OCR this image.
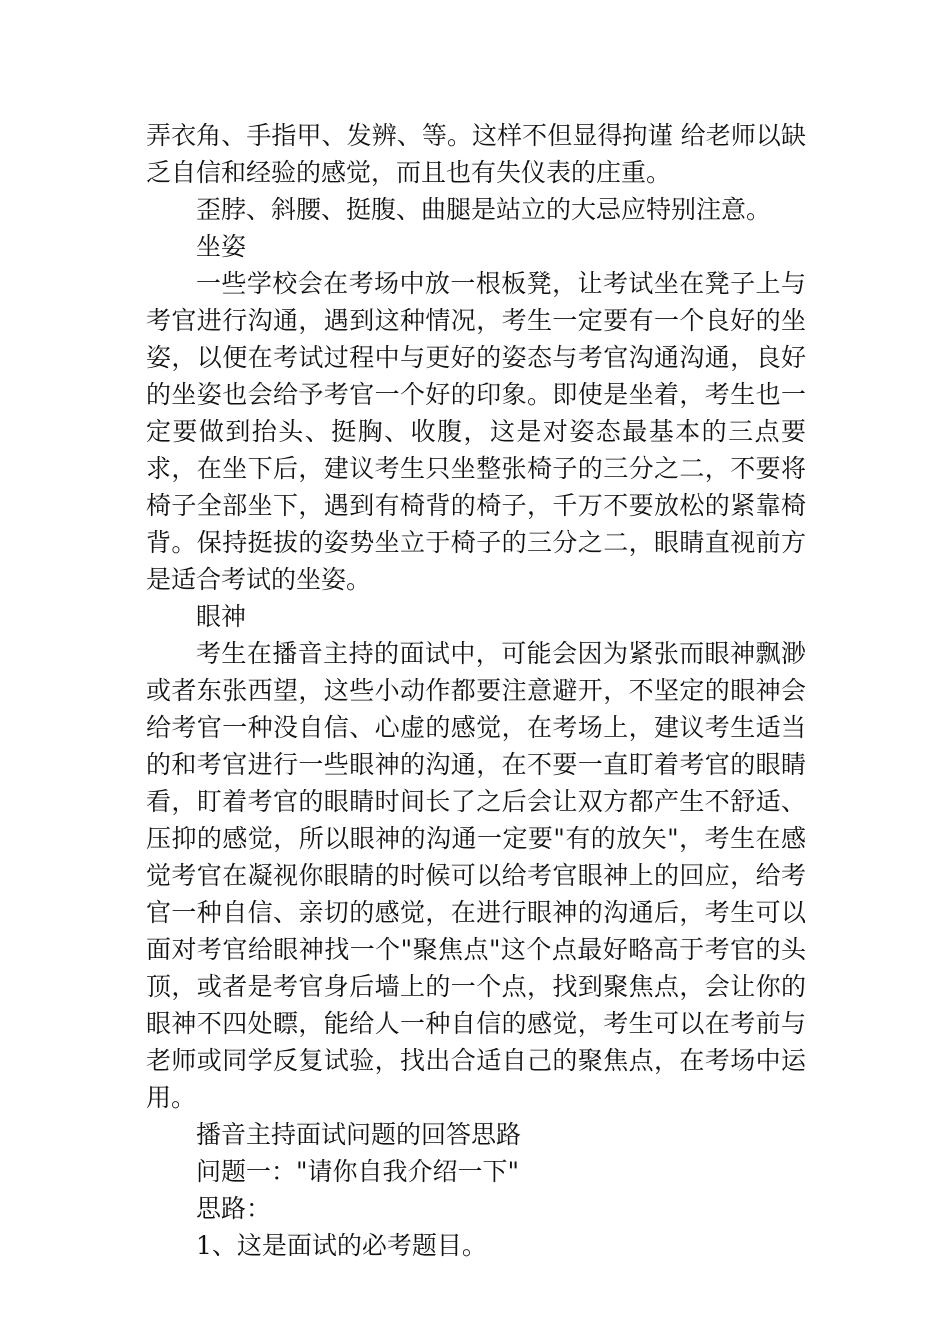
弄衣角、手指甲、发辨、等。这样不但显得拘谨 给老师以缺乏自信和经验的感觉，而且也有失仪表的庄重。

歪脖、斜腰、挺腹、曲腿是站立的大忌应特别注意。

坐姿

一些学校会在考场中放一根板凳，让考试坐在凳子上与考官进行沟通，遇到这种情况，考生一定要有一个良好的坐姿，以便在考试过程中与更好的姿态与考官沟通沟通，良好的坐姿也会给予考官一个好的印象。即使是坐着，考生也一定要做到抬头、挺胸、收腹，这是对姿态最基本的三点要求，在坐下后，建议考生只坐整张椅子的三分之二，不要将椅子全部坐下，遇到有椅背的椅子，千万不要放松的紧靠椅背。保持挺拔的姿势坐立于椅子的三分之二，眼睛直视前方是适合考试的坐姿。

眼神

考生在播音主持的面试中，可能会因为紧张而眼神飘渺或者东张西望，这些小动作都要注意避开，不坚定的眼神会给考官一种没自信、心虚的感觉，在考场上，建议考生适当的和考官进行一些眼神的沟通，在不要一直盯着考官的眼睛看，盯着考官的眼睛时间长了之后会让双方都产生不舒适、压抑的感觉，所以眼神的沟通一定要"有的放矢"，考生在感觉考官在凝视你眼睛的时候可以给考官眼神上的回应，给考官一种自信、亲切的感觉，在进行眼神的沟通后，考生可以面对考官给眼神找一个"聚焦点"这个点最好略高于考官的头顶，或者是考官身后墙上的一个点，找到聚焦点，会让你的眼神不四处瞟，能给人一种自信的感觉，考生可以在考前与老师或同学反复试验，找出合适自己的聚焦点，在考场中运用。

播音主持面试问题的回答思路

问题一："请你自我介绍一下"

思路：

1、这是面试的必考题目。
